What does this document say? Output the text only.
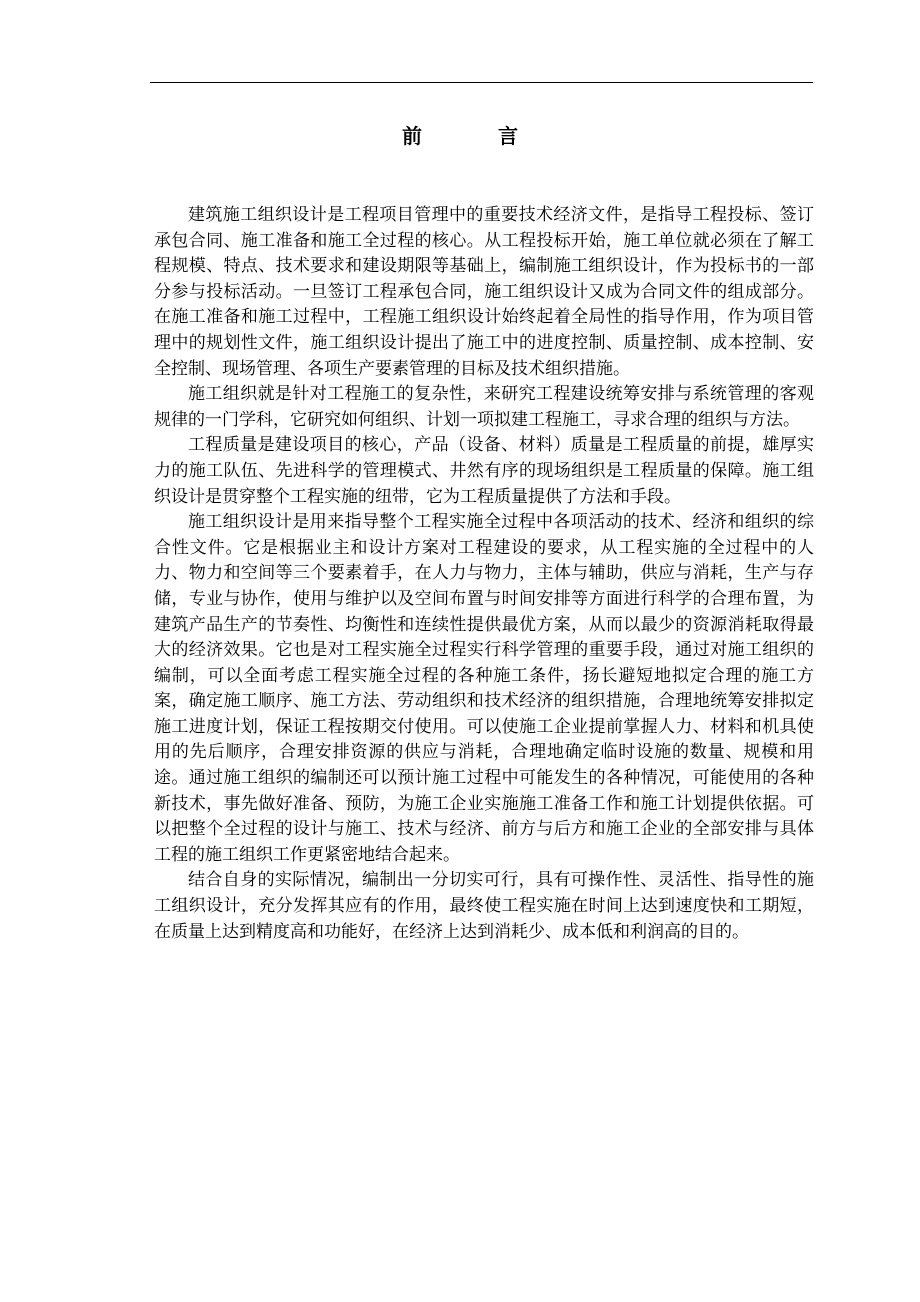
前　言

建筑施工组织设计是工程项目管理中的重要技术经济文件，是指导工程投标、签订承包合同、施工准备和施工全过程的核心。从工程投标开始，施工单位就必须在了解工程规模、特点、技术要求和建设期限等基础上，编制施工组织设计，作为投标书的一部分参与投标活动。一旦签订工程承包合同，施工组织设计又成为合同文件的组成部分。在施工准备和施工过程中，工程施工组织设计始终起着全局性的指导作用，作为项目管理中的规划性文件，施工组织设计提出了施工中的进度控制、质量控制、成本控制、安全控制、现场管理、各项生产要素管理的目标及技术组织措施。

施工组织就是针对工程施工的复杂性，来研究工程建设统筹安排与系统管理的客观规律的一门学科，它研究如何组织、计划一项拟建工程施工，寻求合理的组织与方法。

工程质量是建设项目的核心，产品（设备、材料）质量是工程质量的前提，雄厚实力的施工队伍、先进科学的管理模式、井然有序的现场组织是工程质量的保障。施工组织设计是贯穿整个工程实施的纽带，它为工程质量提供了方法和手段。

施工组织设计是用来指导整个工程实施全过程中各项活动的技术、经济和组织的综合性文件。它是根据业主和设计方案对工程建设的要求，从工程实施的全过程中的人力、物力和空间等三个要素着手，在人力与物力，主体与辅助，供应与消耗，生产与存储，专业与协作，使用与维护以及空间布置与时间安排等方面进行科学的合理布置，为建筑产品生产的节奏性、均衡性和连续性提供最优方案，从而以最少的资源消耗取得最大的经济效果。它也是对工程实施全过程实行科学管理的重要手段，通过对施工组织的编制，可以全面考虑工程实施全过程的各种施工条件，扬长避短地拟定合理的施工方案，确定施工顺序、施工方法、劳动组织和技术经济的组织措施，合理地统筹安排拟定施工进度计划，保证工程按期交付使用。可以使施工企业提前掌握人力、材料和机具使用的先后顺序，合理安排资源的供应与消耗，合理地确定临时设施的数量、规模和用途。通过施工组织的编制还可以预计施工过程中可能发生的各种情况，可能使用的各种新技术，事先做好准备、预防，为施工企业实施施工准备工作和施工计划提供依据。可以把整个全过程的设计与施工、技术与经济、前方与后方和施工企业的全部安排与具体工程的施工组织工作更紧密地结合起来。

结合自身的实际情况，编制出一分切实可行，具有可操作性、灵活性、指导性的施工组织设计，充分发挥其应有的作用，最终使工程实施在时间上达到速度快和工期短，在质量上达到精度高和功能好，在经济上达到消耗少、成本低和利润高的目的。
